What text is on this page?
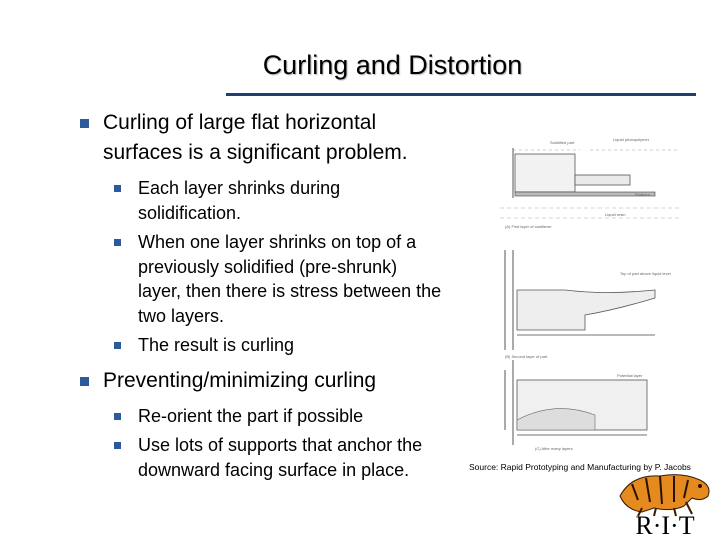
Curling and Distortion
Curling of large flat horizontal surfaces is a significant problem.
Each layer shrinks during solidification.
When one layer shrinks on top of a previously solidified (pre-shrunk) layer, then there is stress between the two layers.
The result is curling
Preventing/minimizing curling
Re-orient the part if possible
Use lots of supports that anchor the downward facing surface in place.
Solidified part
Liquid photopolymer
Platform
Liquid resin
(A) First layer of cantilever
Top of part above liquid level
(B) Second layer of part
Potential layer
(C) After many layers
Source: Rapid Prototyping and Manufacturing by P. Jacobs
R·I·T
